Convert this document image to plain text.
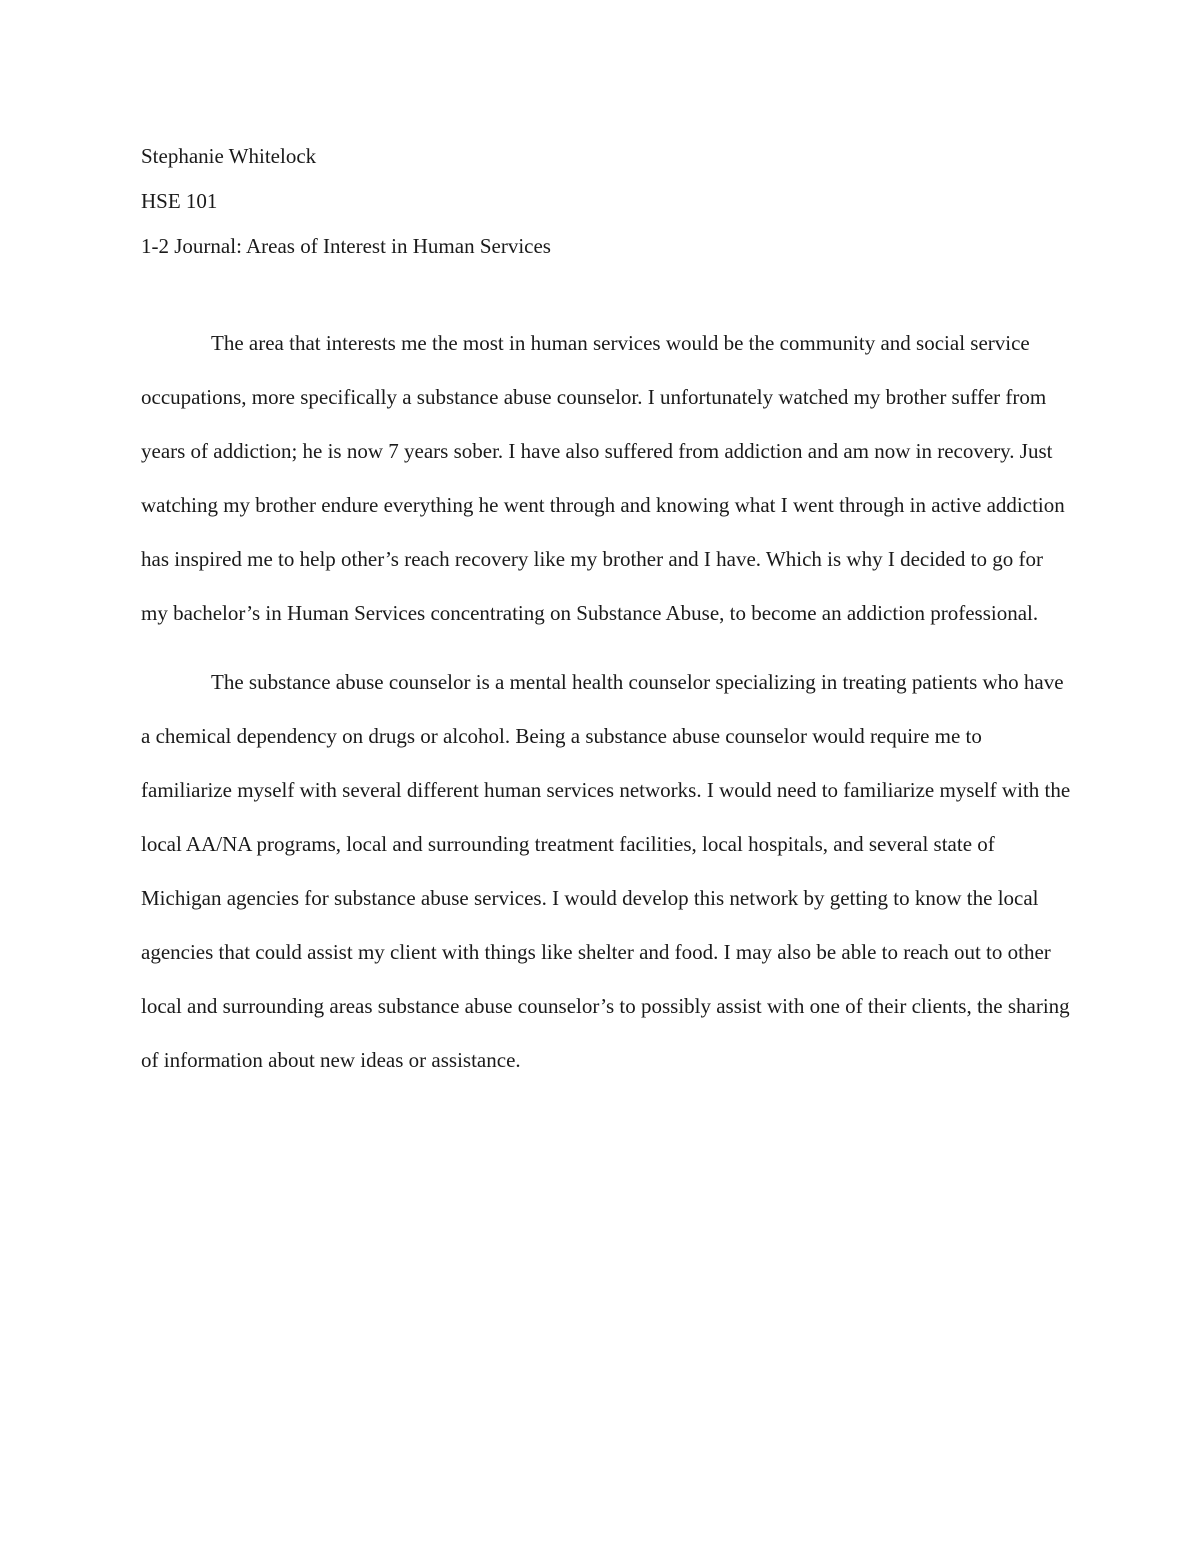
Stephanie Whitelock
HSE 101
1-2 Journal: Areas of Interest in Human Services

The area that interests me the most in human services would be the community and social service occupations, more specifically a substance abuse counselor. I unfortunately watched my brother suffer from years of addiction; he is now 7 years sober. I have also suffered from addiction and am now in recovery. Just watching my brother endure everything he went through and knowing what I went through in active addiction has inspired me to help other’s reach recovery like my brother and I have. Which is why I decided to go for my bachelor’s in Human Services concentrating on Substance Abuse, to become an addiction professional.

The substance abuse counselor is a mental health counselor specializing in treating patients who have a chemical dependency on drugs or alcohol. Being a substance abuse counselor would require me to familiarize myself with several different human services networks. I would need to familiarize myself with the local AA/NA programs, local and surrounding treatment facilities, local hospitals, and several state of Michigan agencies for substance abuse services. I would develop this network by getting to know the local agencies that could assist my client with things like shelter and food. I may also be able to reach out to other local and surrounding areas substance abuse counselor’s to possibly assist with one of their clients, the sharing of information about new ideas or assistance.
